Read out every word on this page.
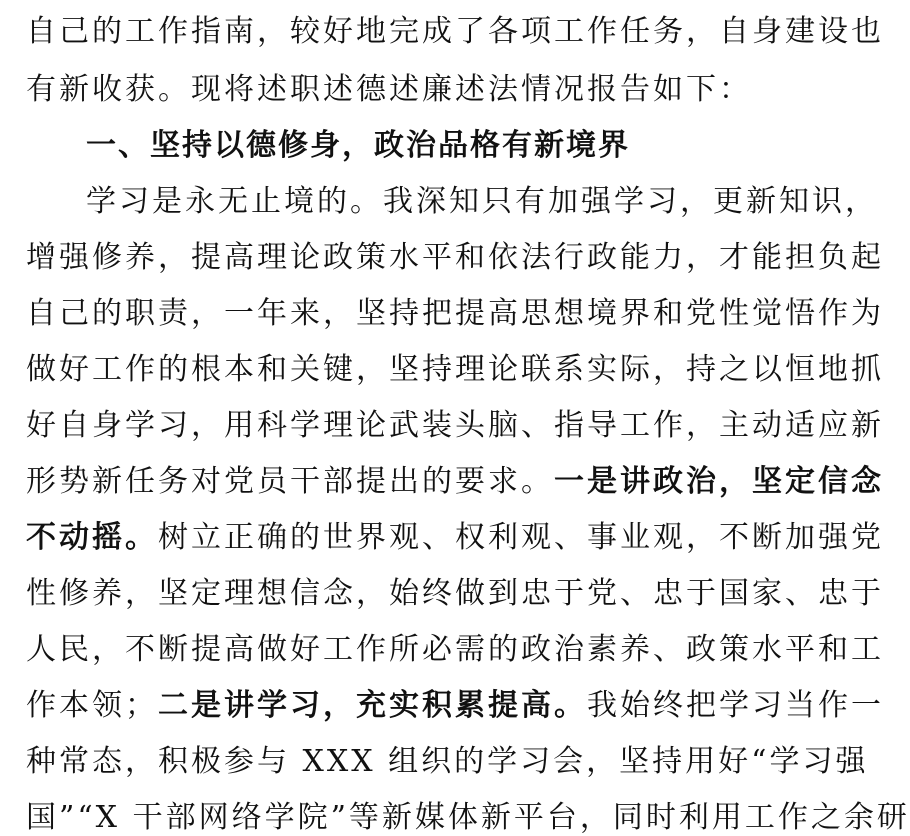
自己的工作指南，较好地完成了各项工作任务，自身建设也
有新收获。现将述职述德述廉述法情况报告如下：
一、坚持以德修身，政治品格有新境界
学习是永无止境的。我深知只有加强学习，更新知识，
增强修养，提高理论政策水平和依法行政能力，才能担负起
自己的职责，一年来，坚持把提高思想境界和党性觉悟作为
做好工作的根本和关键，坚持理论联系实际，持之以恒地抓
好自身学习，用科学理论武装头脑、指导工作，主动适应新
形势新任务对党员干部提出的要求。一是讲政治，坚定信念
不动摇。树立正确的世界观、权利观、事业观，不断加强党
性修养，坚定理想信念，始终做到忠于党、忠于国家、忠于
人民，不断提高做好工作所必需的政治素养、政策水平和工
作本领；二是讲学习，充实积累提高。我始终把学习当作一
种常态，积极参与 XXX 组织的学习会，坚持用好“学习强
国”“X 干部网络学院”等新媒体新平台，同时利用工作之余研
